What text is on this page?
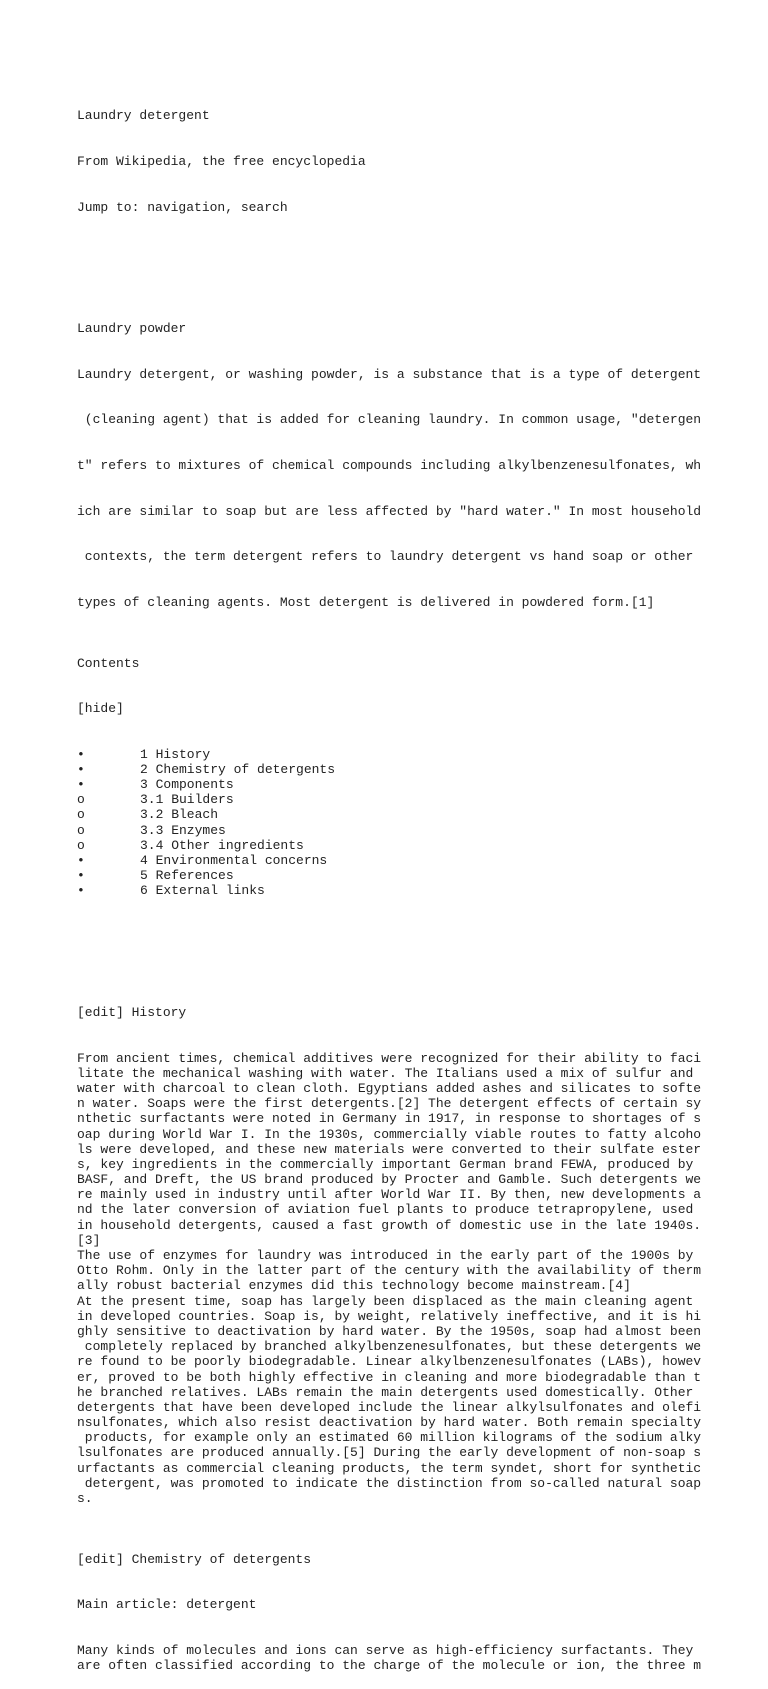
Laundry detergent

From Wikipedia, the free encyclopedia

Jump to: navigation, search

Laundry powder

Laundry detergent, or washing powder, is a substance that is a type of detergent

(cleaning agent) that is added for cleaning laundry. In common usage, "detergen

t" refers to mixtures of chemical compounds including alkylbenzenesulfonates, wh

ich are similar to soap but are less affected by "hard water." In most household

contexts, the term detergent refers to laundry detergent vs hand soap or other

types of cleaning agents. Most detergent is delivered in powdered form.[1]

Contents

[hide]

•	1 History
•	2 Chemistry of detergents
•	3 Components
o	3.1 Builders
o	3.2 Bleach
o	3.3 Enzymes
o	3.4 Other ingredients
•	4 Environmental concerns
•	5 References
•	6 External links

[edit] History

From ancient times, chemical additives were recognized for their ability to faci
litate the mechanical washing with water. The Italians used a mix of sulfur and
water with charcoal to clean cloth. Egyptians added ashes and silicates to softe
n water. Soaps were the first detergents.[2] The detergent effects of certain sy
nthetic surfactants were noted in Germany in 1917, in response to shortages of s
oap during World War I. In the 1930s, commercially viable routes to fatty alcoho
ls were developed, and these new materials were converted to their sulfate ester
s, key ingredients in the commercially important German brand FEWA, produced by
BASF, and Dreft, the US brand produced by Procter and Gamble. Such detergents we
re mainly used in industry until after World War II. By then, new developments a
nd the later conversion of aviation fuel plants to produce tetrapropylene, used
in household detergents, caused a fast growth of domestic use in the late 1940s.
[3]
The use of enzymes for laundry was introduced in the early part of the 1900s by
Otto Rohm. Only in the latter part of the century with the availability of therm
ally robust bacterial enzymes did this technology become mainstream.[4]
At the present time, soap has largely been displaced as the main cleaning agent
in developed countries. Soap is, by weight, relatively ineffective, and it is hi
ghly sensitive to deactivation by hard water. By the 1950s, soap had almost been
completely replaced by branched alkylbenzenesulfonates, but these detergents we
re found to be poorly biodegradable. Linear alkylbenzenesulfonates (LABs), howev
er, proved to be both highly effective in cleaning and more biodegradable than t
he branched relatives. LABs remain the main detergents used domestically. Other
detergents that have been developed include the linear alkylsulfonates and olefi
nsulfonates, which also resist deactivation by hard water. Both remain specialty
products, for example only an estimated 60 million kilograms of the sodium alky
lsulfonates are produced annually.[5] During the early development of non-soap s
urfactants as commercial cleaning products, the term syndet, short for synthetic
detergent, was promoted to indicate the distinction from so-called natural soap
s.

[edit] Chemistry of detergents

Main article: detergent

Many kinds of molecules and ions can serve as high-efficiency surfactants. They
are often classified according to the charge of the molecule or ion, the three m
